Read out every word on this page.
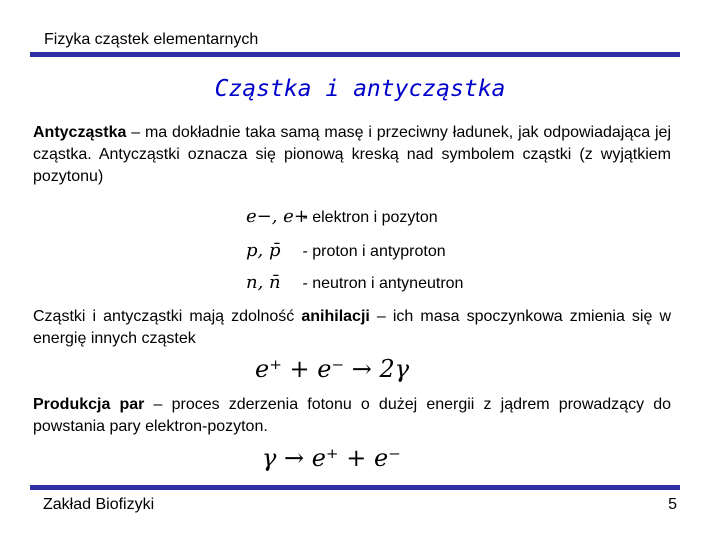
Fizyka cząstek elementarnych
Cząstka i antycząstka
Antycząstka – ma dokładnie taka samą masę i przeciwny ładunek, jak odpowiadająca jej cząstka. Antycząstki oznacza się pionową kreską nad symbolem cząstki (z wyjątkiem pozytonu)
e−, e+ - elektron i pozyton
p, p̄ - proton i antyproton
n, n̄ - neutron i antyneutron
Cząstki i antycząstki mają zdolność anihilacji – ich masa spoczynkowa zmienia się w energię innych cząstek
e⁺ + e⁻ → 2γ
Produkcja par – proces zderzenia fotonu o dużej energii z jądrem prowadzący do powstania pary elektron-pozyton.
γ → e⁺ + e⁻
Zakład Biofizyki	5
